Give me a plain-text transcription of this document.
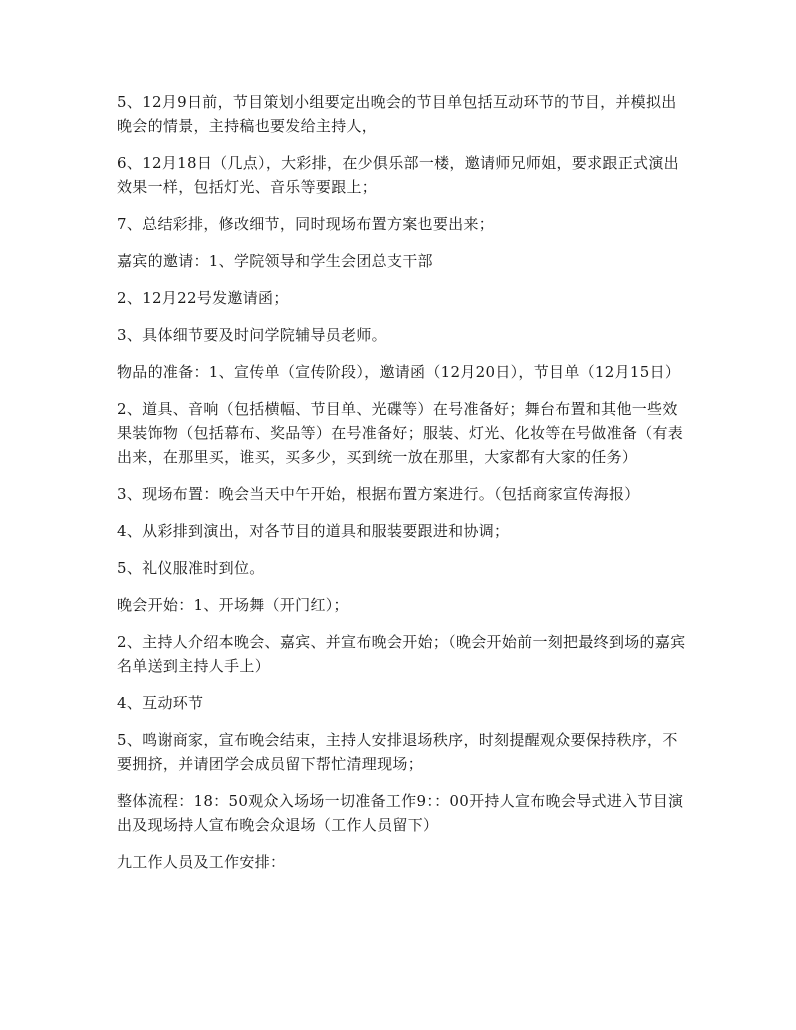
5、12月9日前，节目策划小组要定出晚会的节目单包括互动环节的节目，并模拟出晚会的情景，主持稿也要发给主持人，

6、12月18日（几点），大彩排，在少俱乐部一楼，邀请师兄师姐，要求跟正式演出效果一样，包括灯光、音乐等要跟上；

7、总结彩排，修改细节，同时现场布置方案也要出来；

嘉宾的邀请：1、学院领导和学生会团总支干部

2、12月22号发邀请函；

3、具体细节要及时问学院辅导员老师。

物品的准备：1、宣传单（宣传阶段），邀请函（12月20日），节目单（12月15日）

2、道具、音响（包括横幅、节目单、光碟等）在号准备好；舞台布置和其他一些效果装饰物（包括幕布、奖品等）在号准备好；服装、灯光、化妆等在号做准备（有表出来，在那里买，谁买，买多少，买到统一放在那里，大家都有大家的任务）

3、现场布置：晚会当天中午开始，根据布置方案进行。（包括商家宣传海报）

4、从彩排到演出，对各节目的道具和服装要跟进和协调；

5、礼仪服准时到位。

晚会开始：1、开场舞（开门红）；

2、主持人介绍本晚会、嘉宾、并宣布晚会开始；（晚会开始前一刻把最终到场的嘉宾名单送到主持人手上）

4、互动环节

5、鸣谢商家，宣布晚会结束，主持人安排退场秩序，时刻提醒观众要保持秩序，不要拥挤，并请团学会成员留下帮忙清理现场；

整体流程：18：50观众入场场一切准备工作9：：00开持人宣布晚会导式进入节目演出及现场持人宣布晚会众退场（工作人员留下）

九工作人员及工作安排：
